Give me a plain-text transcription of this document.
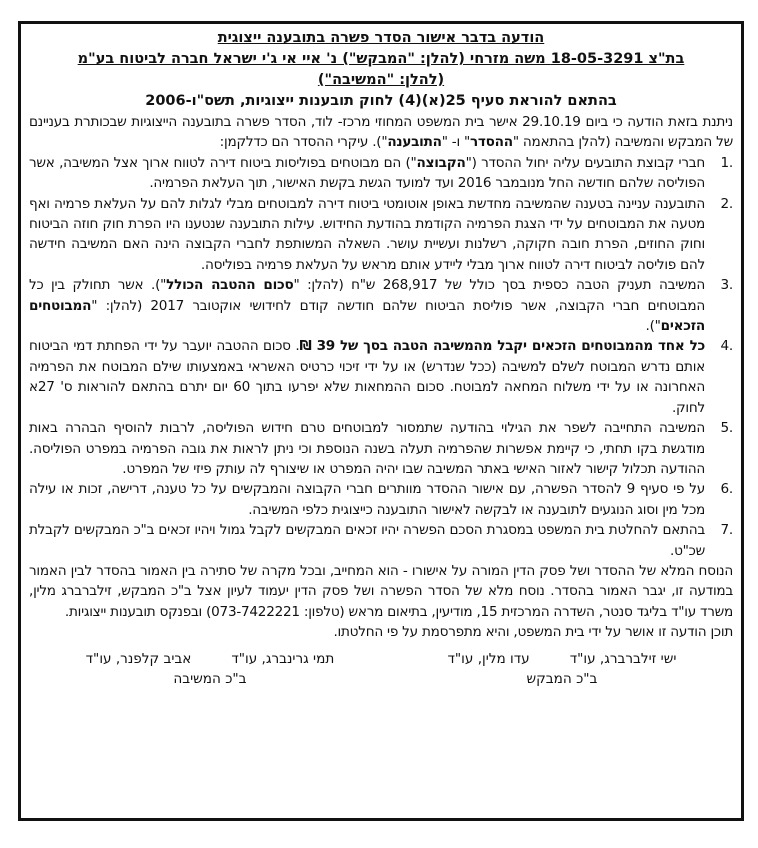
הודעה בדבר אישור הסדר פשרה בתובענה ייצוגית
בת"צ 18-05-3291 משה מזרחי (להלן: "המבקש") נ' איי אי ג'י ישראל חברה לביטוח בע"מ
(להלן: "המשיבה")
בהתאם להוראת סעיף 25(א)(4) לחוק תובענות ייצוגיות, תשס"ו-2006
ניתנת בזאת הודעה כי ביום 29.10.19 אישר בית המשפט המחוזי מרכז- לוד, הסדר פשרה בתובענה הייצוגיות שבכותרת בעניינם של המבקש והמשיבה (להלן בהתאמה "ההסדר" ו- "התובענה"). עיקרי ההסדר הם כדלקמן:
1.
חברי קבוצת התובעים עליה יחול ההסדר ("הקבוצה") הם מבוטחים בפוליסות ביטוח דירה לטווח ארוך אצל המשיבה, אשר הפוליסה שלהם חודשה החל מנובמבר 2016 ועד למועד הגשת בקשת האישור, תוך העלאת הפרמיה.
2.
התובענה עניינה בטענה שהמשיבה מחדשת באופן אוטומטי ביטוח דירה למבוטחים מבלי לגלות להם על העלאת פרמיה ואף מטעה את המבוטחים על ידי הצגת הפרמיה הקודמת בהודעת החידוש. עילות התובענה שנטענו היו הפרת חוק חוזה הביטוח וחוק החוזים, הפרת חובה חקוקה, רשלנות ועשיית עושר. השאלה המשותפת לחברי הקבוצה הינה האם המשיבה חידשה להם פוליסה לביטוח דירה לטווח ארוך מבלי ליידע אותם מראש על העלאת פרמיה בפוליסה.
3.
המשיבה תעניק הטבה כספית בסך כולל של 268,917 ש"ח (להלן: "סכום ההטבה הכולל"). אשר תחולק בין כל המבוטחים חברי הקבוצה, אשר פוליסת הביטוח שלהם חודשה קודם לחידושי אוקטובר 2017 (להלן: "המבוטחים הזכאים").
4.
כל אחד מהמבוטחים הזכאים יקבל מהמשיבה הטבה בסך של 39 ₪. סכום ההטבה יועבר על ידי הפחתת דמי הביטוח אותם נדרש המבוטח לשלם למשיבה (ככל שנדרש) או על ידי זיכוי כרטיס האשראי באמצעותו שילם המבוטח את הפרמיה האחרונה או על ידי משלוח המחאה למבוטח. סכום ההמחאות שלא יפרעו בתוך 60 יום יתרם בהתאם להוראות ס' 27א לחוק.
5.
המשיבה התחייבה לשפר את הגילוי בהודעה שתמסור למבוטחים טרם חידוש הפוליסה, לרבות להוסיף הבהרה באות מודגשת בקו תחתי, כי קיימת אפשרות שהפרמיה תעלה בשנה הנוספת וכי ניתן לראות את גובה הפרמיה במפרט הפוליסה. ההודעה תכלול קישור לאזור האישי באתר המשיבה שבו יהיה המפרט או שיצורף לה עותק פיזי של המפרט.
6.
על פי סעיף 9 להסדר הפשרה, עם אישור ההסדר מוותרים חברי הקבוצה והמבקשים על כל טענה, דרישה, זכות או עילה מכל מין וסוג הנוגעים לתובענה או לבקשה לאישור התובענה כייצוגית כלפי המשיבה.
7.
בהתאם להחלטת בית המשפט במסגרת הסכם הפשרה יהיו זכאים המבקשים לקבל גמול ויהיו זכאים ב"כ המבקשים לקבלת שכ"ט.
הנוסח המלא של ההסדר ושל פסק הדין המורה על אישורו - הוא המחייב, ובכל מקרה של סתירה בין האמור בהסדר לבין האמור במודעה זו, יגבר האמור בהסדר. נוסח מלא של הסדר הפשרה ושל פסק הדין יעמוד לעיון אצל ב"כ המבקש, זילברברג מלין, משרד עו"ד בליגד סנטר, השדרה המרכזית 15, מודיעין, בתיאום מראש (טלפון: 073-7422221) ובפנקס תובענות ייצוגיות.
תוכן הודעה זו אושר על ידי בית המשפט, והיא מתפרסמת על פי החלטתו.
ישי זילברברג, עו"ד
עדו מלין, עו"ד
ב"כ המבקש
תמי גרינברג, עו"ד
אביב קלפנר, עו"ד
ב"כ המשיבה
